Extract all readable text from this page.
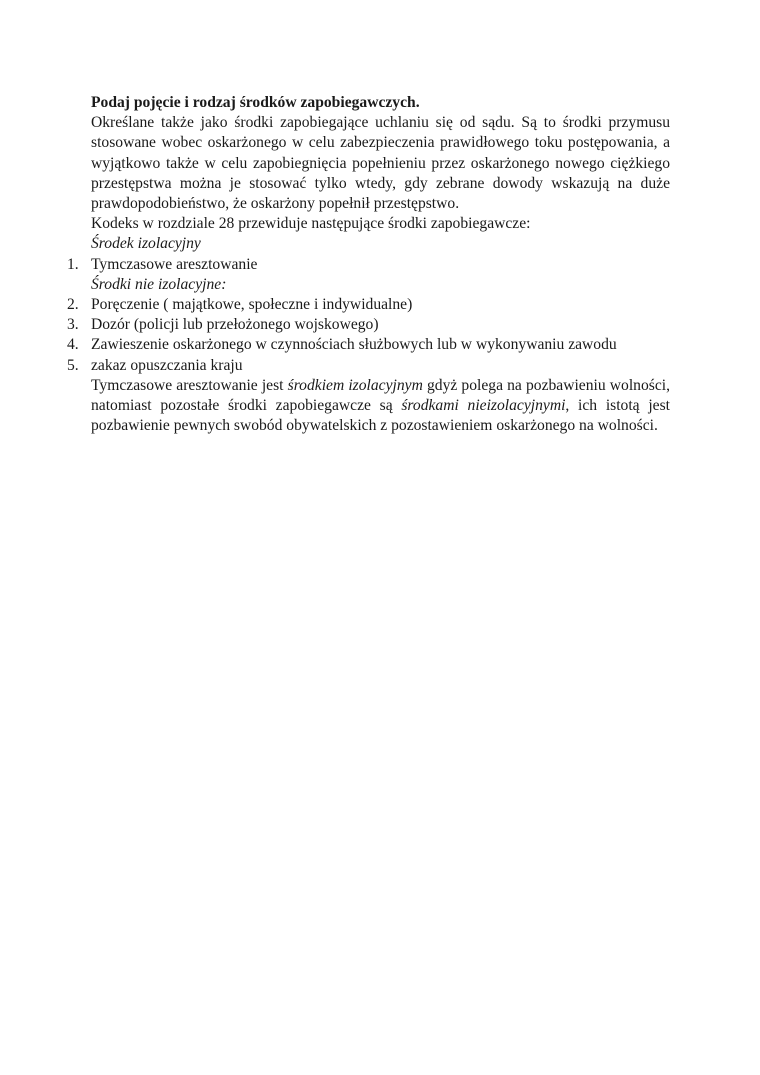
Podaj pojęcie i rodzaj środków zapobiegawczych.

Określane także jako środki zapobiegające uchlaniu się od sądu. Są to środki przymusu stosowane wobec oskarżonego w celu zabezpieczenia prawidłowego toku postępowania, a wyjątkowo także w celu zapobiegnięcia popełnieniu przez oskarżonego nowego ciężkiego przestępstwa można je stosować tylko wtedy, gdy zebrane dowody wskazują na duże prawdopodobieństwo, że oskarżony popełnił przestępstwo.

Kodeks w rozdziale 28 przewiduje następujące środki zapobiegawcze:

Środek izolacyjny

1. Tymczasowe aresztowanie

Środki nie izolacyjne:

2. Poręczenie ( majątkowe, społeczne i indywidualne)
3. Dozór (policji lub przełożonego wojskowego)
4. Zawieszenie oskarżonego w czynnościach służbowych lub w wykonywaniu zawodu
5. zakaz opuszczania kraju

Tymczasowe aresztowanie jest środkiem izolacyjnym gdyż polega na pozbawieniu wolności, natomiast pozostałe środki zapobiegawcze są środkami nieizolacyjnymi, ich istotą jest pozbawienie pewnych swobód obywatelskich z pozostawieniem oskarżonego na wolności.
